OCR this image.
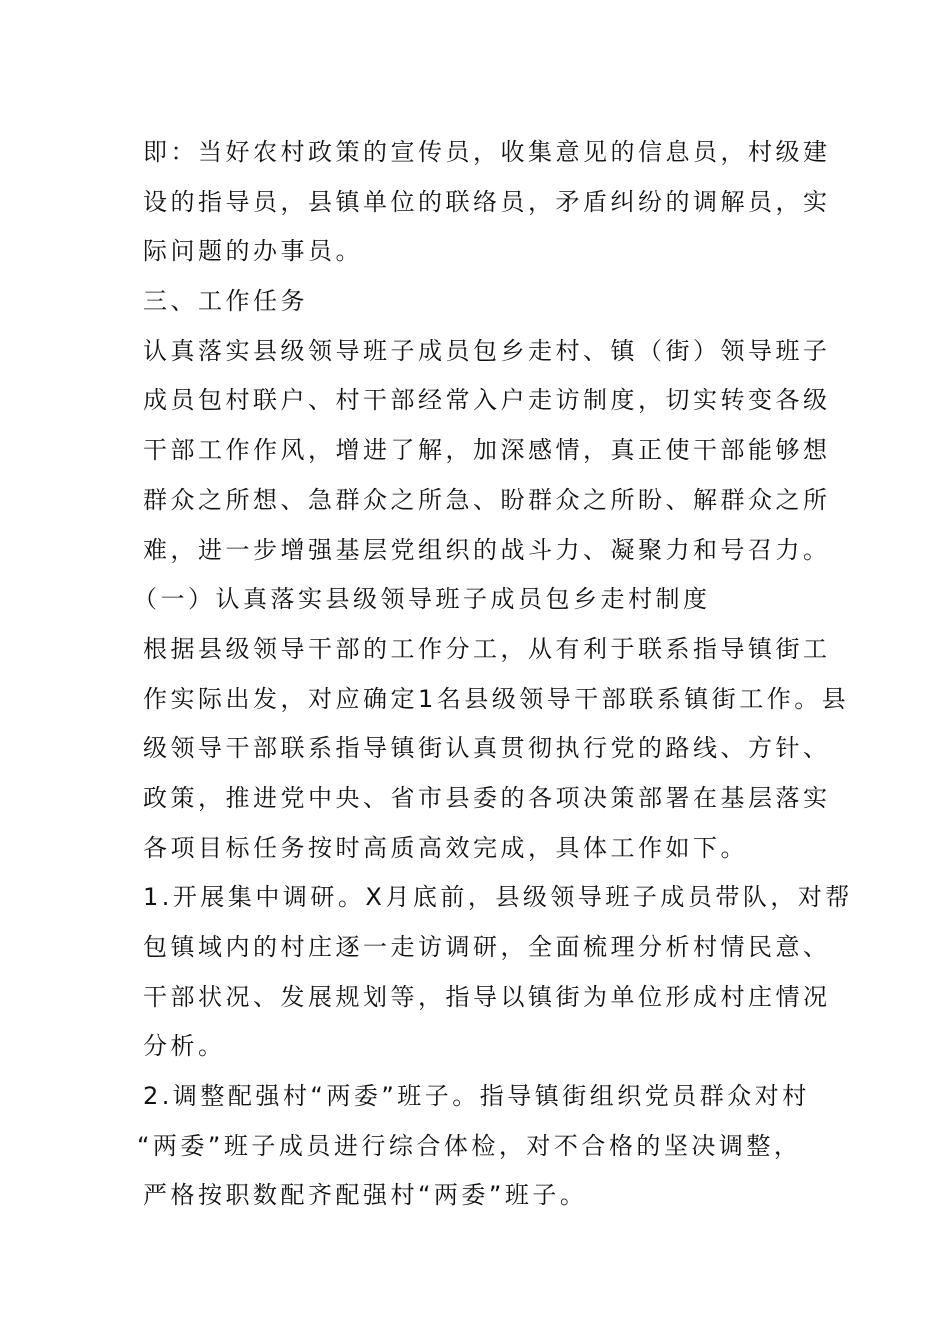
即：当好农村政策的宣传员，收集意见的信息员，村级建
设的指导员，县镇单位的联络员，矛盾纠纷的调解员，实
际问题的办事员。
三、工作任务
认真落实县级领导班子成员包乡走村、镇（街）领导班子
成员包村联户、村干部经常入户走访制度，切实转变各级
干部工作作风，增进了解，加深感情，真正使干部能够想
群众之所想、急群众之所急、盼群众之所盼、解群众之所
难，进一步增强基层党组织的战斗力、凝聚力和号召力。
（一）认真落实县级领导班子成员包乡走村制度
根据县级领导干部的工作分工，从有利于联系指导镇街工
作实际出发，对应确定1名县级领导干部联系镇街工作。县
级领导干部联系指导镇街认真贯彻执行党的路线、方针、
政策，推进党中央、省市县委的各项决策部署在基层落实
各项目标任务按时高质高效完成，具体工作如下。
1.开展集中调研。X月底前，县级领导班子成员带队，对帮
包镇域内的村庄逐一走访调研，全面梳理分析村情民意、
干部状况、发展规划等，指导以镇街为单位形成村庄情况
分析。
2.调整配强村“两委”班子。指导镇街组织党员群众对村
“两委”班子成员进行综合体检，对不合格的坚决调整，
严格按职数配齐配强村“两委”班子。
